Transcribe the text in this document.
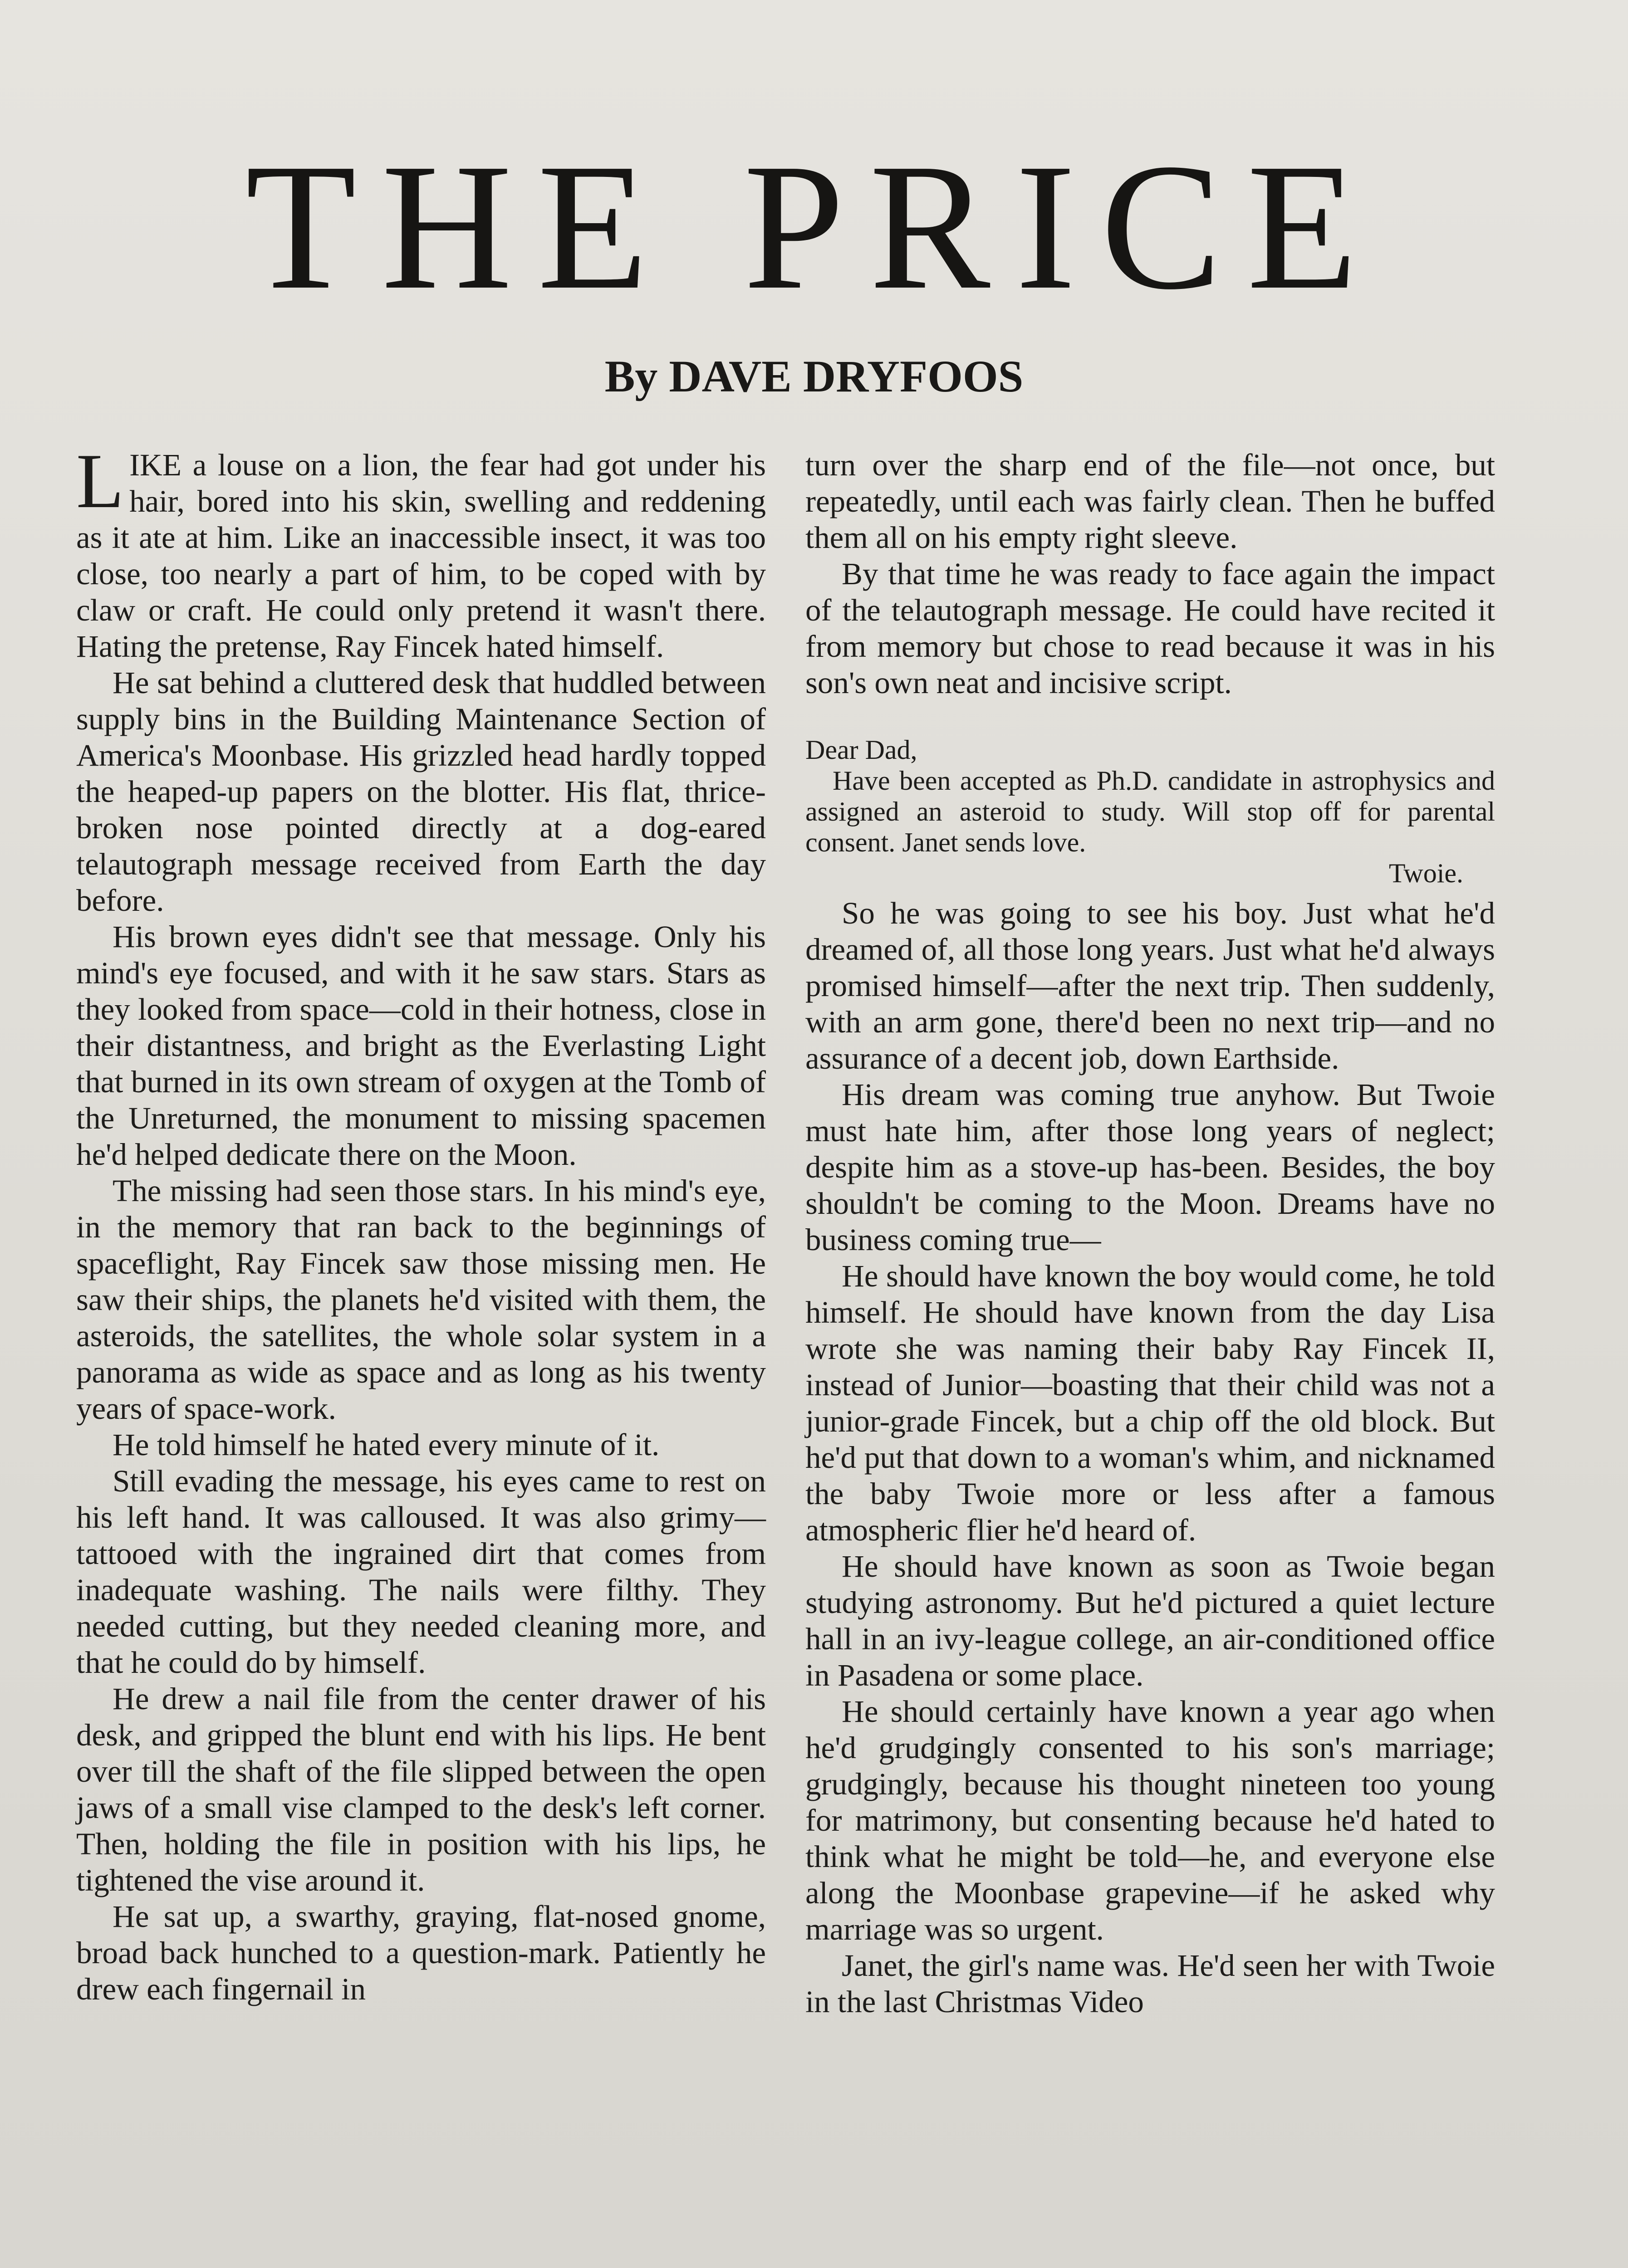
THE PRICE
By DAVE DRYFOOS

LIKE a louse on a lion, the fear had got under his hair, bored into his skin, swelling and reddening as it ate at him. Like an inaccessible insect, it was too close, too nearly a part of him, to be coped with by claw or craft. He could only pretend it wasn't there. Hating the pretense, Ray Fincek hated himself.

He sat behind a cluttered desk that huddled between supply bins in the Building Maintenance Section of America's Moonbase. His grizzled head hardly topped the heaped-up papers on the blotter. His flat, thrice-broken nose pointed directly at a dog-eared telautograph message received from Earth the day before.

His brown eyes didn't see that message. Only his mind's eye focused, and with it he saw stars. Stars as they looked from space—cold in their hotness, close in their distantness, and bright as the Everlasting Light that burned in its own stream of oxygen at the Tomb of the Unreturned, the monument to missing spacemen he'd helped dedicate there on the Moon.

The missing had seen those stars. In his mind's eye, in the memory that ran back to the beginnings of spaceflight, Ray Fincek saw those missing men. He saw their ships, the planets he'd visited with them, the asteroids, the satellites, the whole solar system in a panorama as wide as space and as long as his twenty years of space-work.

He told himself he hated every minute of it.

Still evading the message, his eyes came to rest on his left hand. It was calloused. It was also grimy—tattooed with the ingrained dirt that comes from inadequate washing. The nails were filthy. They needed cutting, but they needed cleaning more, and that he could do by himself.

He drew a nail file from the center drawer of his desk, and gripped the blunt end with his lips. He bent over till the shaft of the file slipped between the open jaws of a small vise clamped to the desk's left corner. Then, holding the file in position with his lips, he tightened the vise around it.

He sat up, a swarthy, graying, flat-nosed gnome, broad back hunched to a question-mark. Patiently he drew each fingernail in

turn over the sharp end of the file—not once, but repeatedly, until each was fairly clean. Then he buffed them all on his empty right sleeve.

By that time he was ready to face again the impact of the telautograph message. He could have recited it from memory but chose to read because it was in his son's own neat and incisive script.

Dear Dad,

Have been accepted as Ph.D. candidate in astrophysics and assigned an asteroid to study. Will stop off for parental consent. Janet sends love.

Twoie.

So he was going to see his boy. Just what he'd dreamed of, all those long years. Just what he'd always promised himself—after the next trip. Then suddenly, with an arm gone, there'd been no next trip—and no assurance of a decent job, down Earthside.

His dream was coming true anyhow. But Twoie must hate him, after those long years of neglect; despite him as a stove-up has-been. Besides, the boy shouldn't be coming to the Moon. Dreams have no business coming true—

He should have known the boy would come, he told himself. He should have known from the day Lisa wrote she was naming their baby Ray Fincek II, instead of Junior—boasting that their child was not a junior-grade Fincek, but a chip off the old block. But he'd put that down to a woman's whim, and nicknamed the baby Twoie more or less after a famous atmospheric flier he'd heard of.

He should have known as soon as Twoie began studying astronomy. But he'd pictured a quiet lecture hall in an ivy-league college, an air-conditioned office in Pasadena or some place.

He should certainly have known a year ago when he'd grudgingly consented to his son's marriage; grudgingly, because his thought nineteen too young for matrimony, but consenting because he'd hated to think what he might be told—he, and everyone else along the Moonbase grapevine—if he asked why marriage was so urgent.

Janet, the girl's name was. He'd seen her with Twoie in the last Christmas Video
